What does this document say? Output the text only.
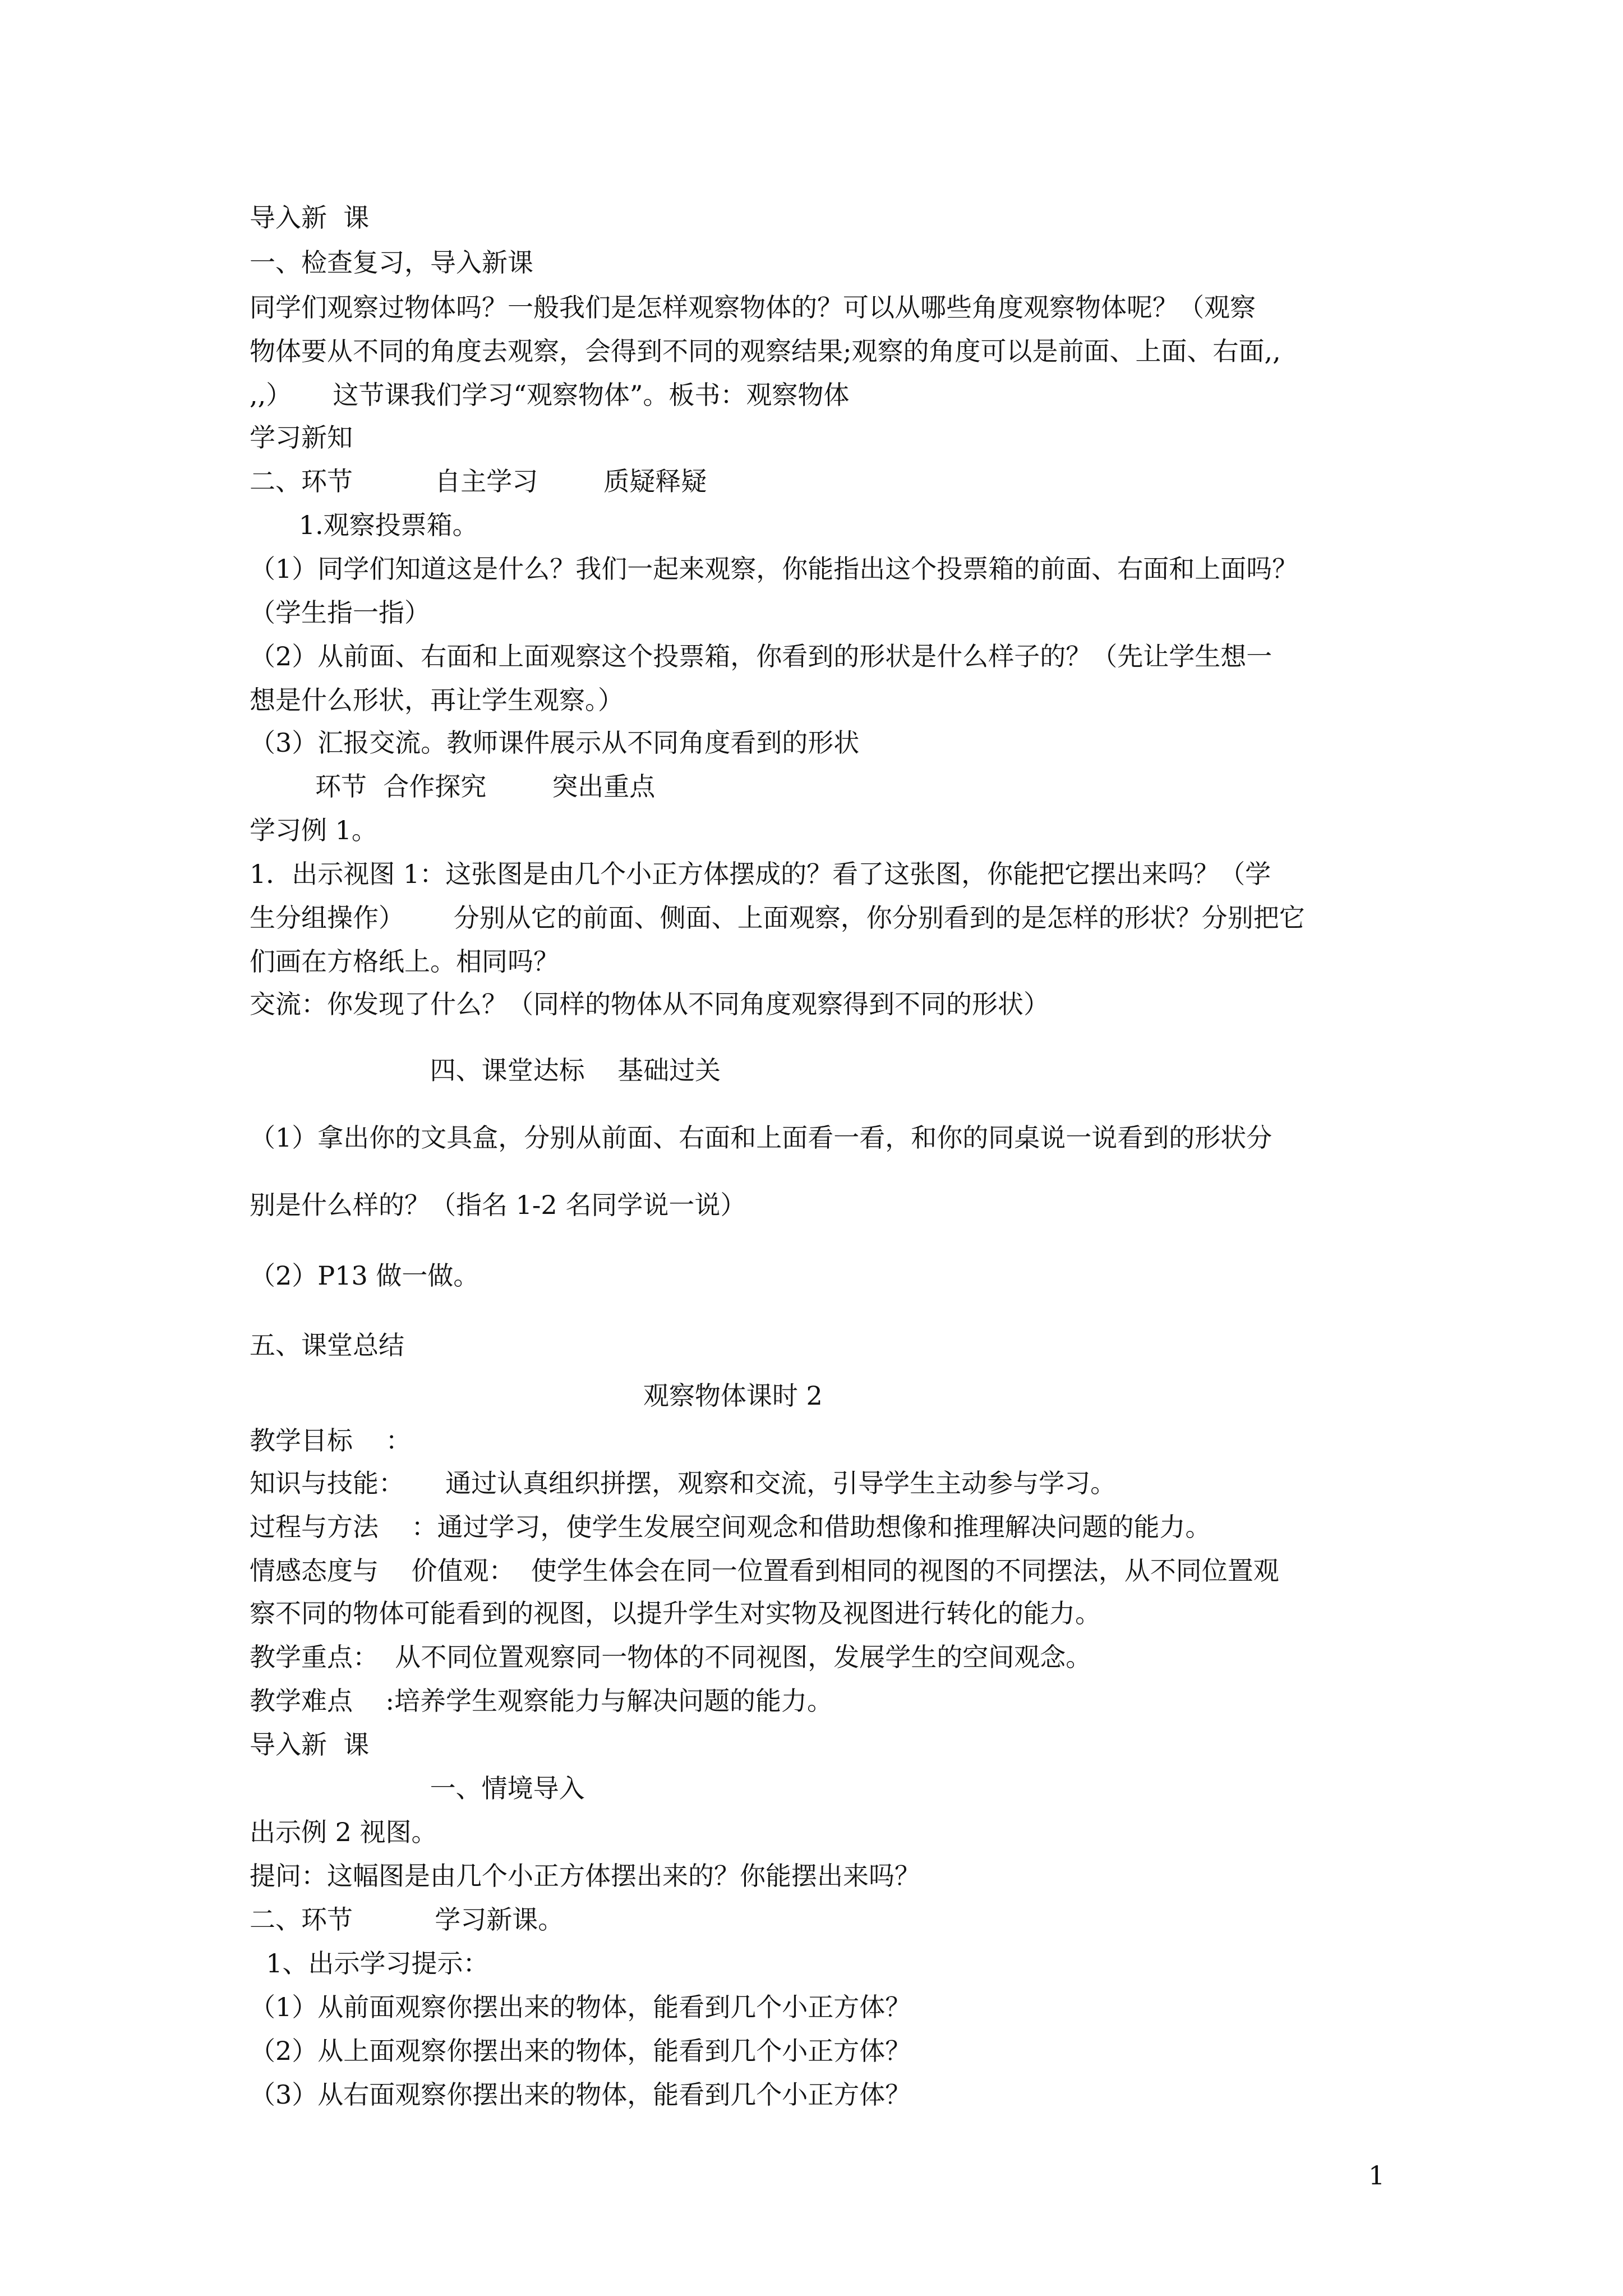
导入新  课

一、检查复习，导入新课

同学们观察过物体吗？一般我们是怎样观察物体的？可以从哪些角度观察物体呢？（观察

物体要从不同的角度去观察，会得到不同的观察结果;观察的角度可以是前面、上面、右面,,

,,）     这节课我们学习“观察物体”。板书：观察物体

学习新知

二、环节          自主学习        质疑释疑

1.观察投票箱。

（1）同学们知道这是什么？我们一起来观察，你能指出这个投票箱的前面、右面和上面吗？

（学生指一指）

（2）从前面、右面和上面观察这个投票箱，你看到的形状是什么样子的？（先让学生想一

想是什么形状，再让学生观察。）

（3）汇报交流。教师课件展示从不同角度看到的形状

环节  合作探究        突出重点

学习例 1。

1．出示视图 1：这张图是由几个小正方体摆成的？看了这张图，你能把它摆出来吗？（学

生分组操作）      分别从它的前面、侧面、上面观察，你分别看到的是怎样的形状？分别把它

们画在方格纸上。相同吗？

交流：你发现了什么？（同样的物体从不同角度观察得到不同的形状）

四、课堂达标    基础过关

（1）拿出你的文具盒，分别从前面、右面和上面看一看，和你的同桌说一说看到的形状分

别是什么样的？（指名 1-2 名同学说一说）

（2）P13 做一做。

五、课堂总结

观察物体课时 2

教学目标    ：

知识与技能：     通过认真组织拼摆，观察和交流，引导学生主动参与学习。

过程与方法    ：通过学习，使学生发展空间观念和借助想像和推理解决问题的能力。

情感态度与    价值观：  使学生体会在同一位置看到相同的视图的不同摆法，从不同位置观

察不同的物体可能看到的视图，以提升学生对实物及视图进行转化的能力。

教学重点：  从不同位置观察同一物体的不同视图，发展学生的空间观念。

教学难点    :培养学生观察能力与解决问题的能力。

导入新  课

一、情境导入

出示例 2 视图。

提问：这幅图是由几个小正方体摆出来的？你能摆出来吗？

二、环节          学习新课。

1、出示学习提示：

（1）从前面观察你摆出来的物体，能看到几个小正方体？

（2）从上面观察你摆出来的物体，能看到几个小正方体？

（3）从右面观察你摆出来的物体，能看到几个小正方体？

1
